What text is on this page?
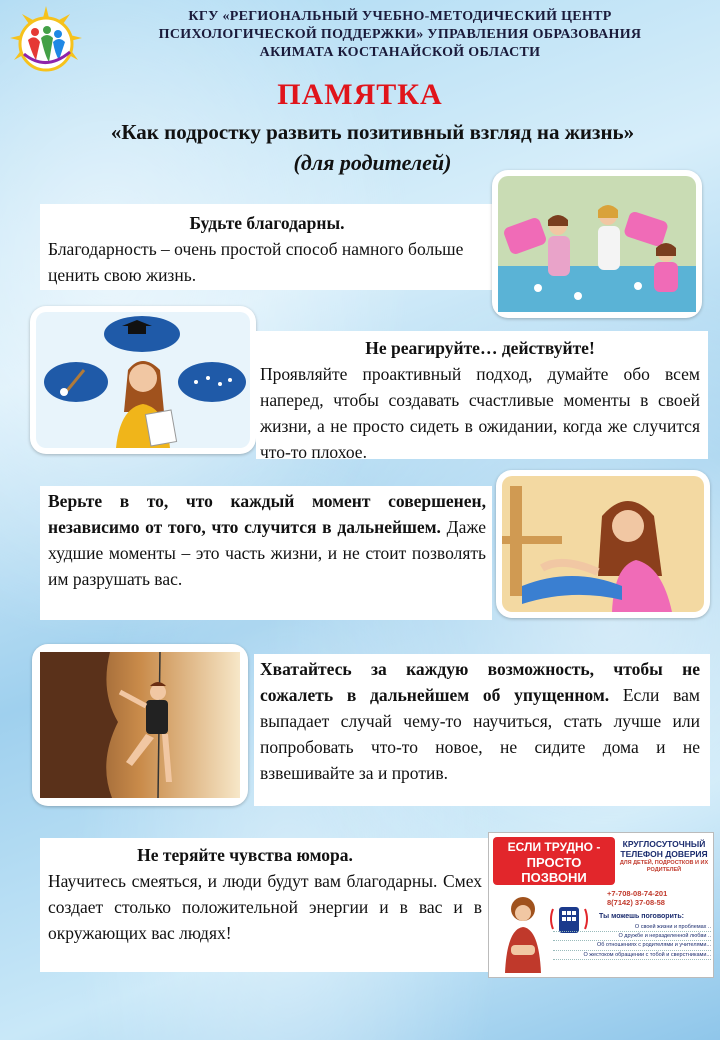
КГУ «РЕГИОНАЛЬНЫЙ УЧЕБНО-МЕТОДИЧЕСКИЙ ЦЕНТР
ПСИХОЛОГИЧЕСКОЙ ПОДДЕРЖКИ» УПРАВЛЕНИЯ ОБРАЗОВАНИЯ
АКИМАТА КОСТАНАЙСКОЙ ОБЛАСТИ
ПАМЯТКА
«Как подростку развить позитивный взгляд на жизнь»
(для родителей)
Будьте благодарны.
Благодарность – очень простой способ намного больше ценить свою жизнь.
Не реагируйте… действуйте!
Проявляйте проактивный подход, думайте обо всем наперед, чтобы создавать счастливые моменты в своей жизни, а не просто сидеть в ожидании, когда же случится что-то плохое.
Верьте в то, что каждый момент совершенен, независимо от того, что случится в дальнейшем. Даже худшие моменты – это часть жизни, и не стоит позволять им разрушать вас.
Хватайтесь за каждую возможность, чтобы не сожалеть в дальнейшем об упущенном. Если вам выпадает случай чему-то научиться, стать лучше или попробовать что-то новое, не сидите дома и не взвешивайте за и против.
Не теряйте чувства юмора.
Научитесь смеяться, и люди будут вам благодарны. Смех создает столько положительной энергии и в вас и в окружающих вас людях!
ЕСЛИ ТРУДНО -
ПРОСТО ПОЗВОНИ
КРУГЛОСУТОЧНЫЙ
ТЕЛЕФОН ДОВЕРИЯ
ДЛЯ ДЕТЕЙ, ПОДРОСТКОВ И ИХ РОДИТЕЛЕЙ
+7-708-08-74-201
8(7142) 37-08-58
Ты можешь поговорить:
О своей жизни и проблемах ..
О дружбе и неразделенной любви ..
Об отношениях с родителями и учителями...
О жестоком обращении с тобой и сверстниками...
